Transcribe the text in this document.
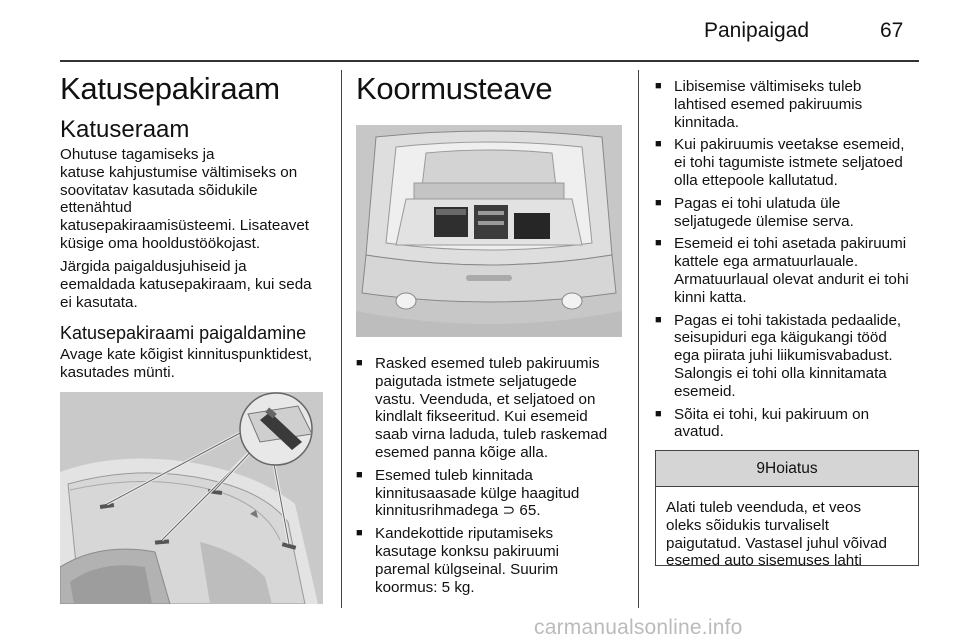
Panipaigad	67
Katusepakiraam
Katuseraam
Ohutuse tagamiseks ja
katuse kahjustumise vältimiseks on
soovitatav kasutada sõidukile
ettenähtud
katusepakiraamisüsteemi. Lisateavet
küsige oma hooldustöökojast.
Järgida paigaldusjuhiseid ja
eemaldada katusepakiraam, kui seda
ei kasutata.
Katusepakiraami paigaldamine
Avage kate kõigist kinnituspunktidest,
kasutades münti.
Koormusteave
■ Rasked esemed tuleb pakiruumis
paigutada istmete seljatugede
vastu. Veenduda, et seljatoed on
kindlalt fikseeritud. Kui esemeid
saab virna laduda, tuleb raskemad
esemed panna kõige alla.
■ Esemed tuleb kinnitada
kinnitusaasade külge haagitud
kinnitusrihmadega ⊃ 65.
■ Kandekottide riputamiseks
kasutage konksu pakiruumi
paremal külgseinal. Suurim
koormus: 5 kg.
■ Libisemise vältimiseks tuleb
lahtised esemed pakiruumis
kinnitada.
■ Kui pakiruumis veetakse esemeid,
ei tohi tagumiste istmete seljatoed
olla ettepoole kallutatud.
■ Pagas ei tohi ulatuda üle
seljatugede ülemise serva.
■ Esemeid ei tohi asetada pakiruumi
kattele ega armatuurlauale.
Armatuurlaual olevat andurit ei tohi
kinni katta.
■ Pagas ei tohi takistada pedaalide,
seisupiduri ega käigukangi tööd
ega piirata juhi liikumisvabadust.
Salongis ei tohi olla kinnitamata
esemeid.
■ Sõita ei tohi, kui pakiruum on
avatud.
9Hoiatus
Alati tuleb veenduda, et veos
oleks sõidukis turvaliselt
paigutatud. Vastasel juhul võivad
esemed auto sisemuses lahti
carmanualsonline.info
